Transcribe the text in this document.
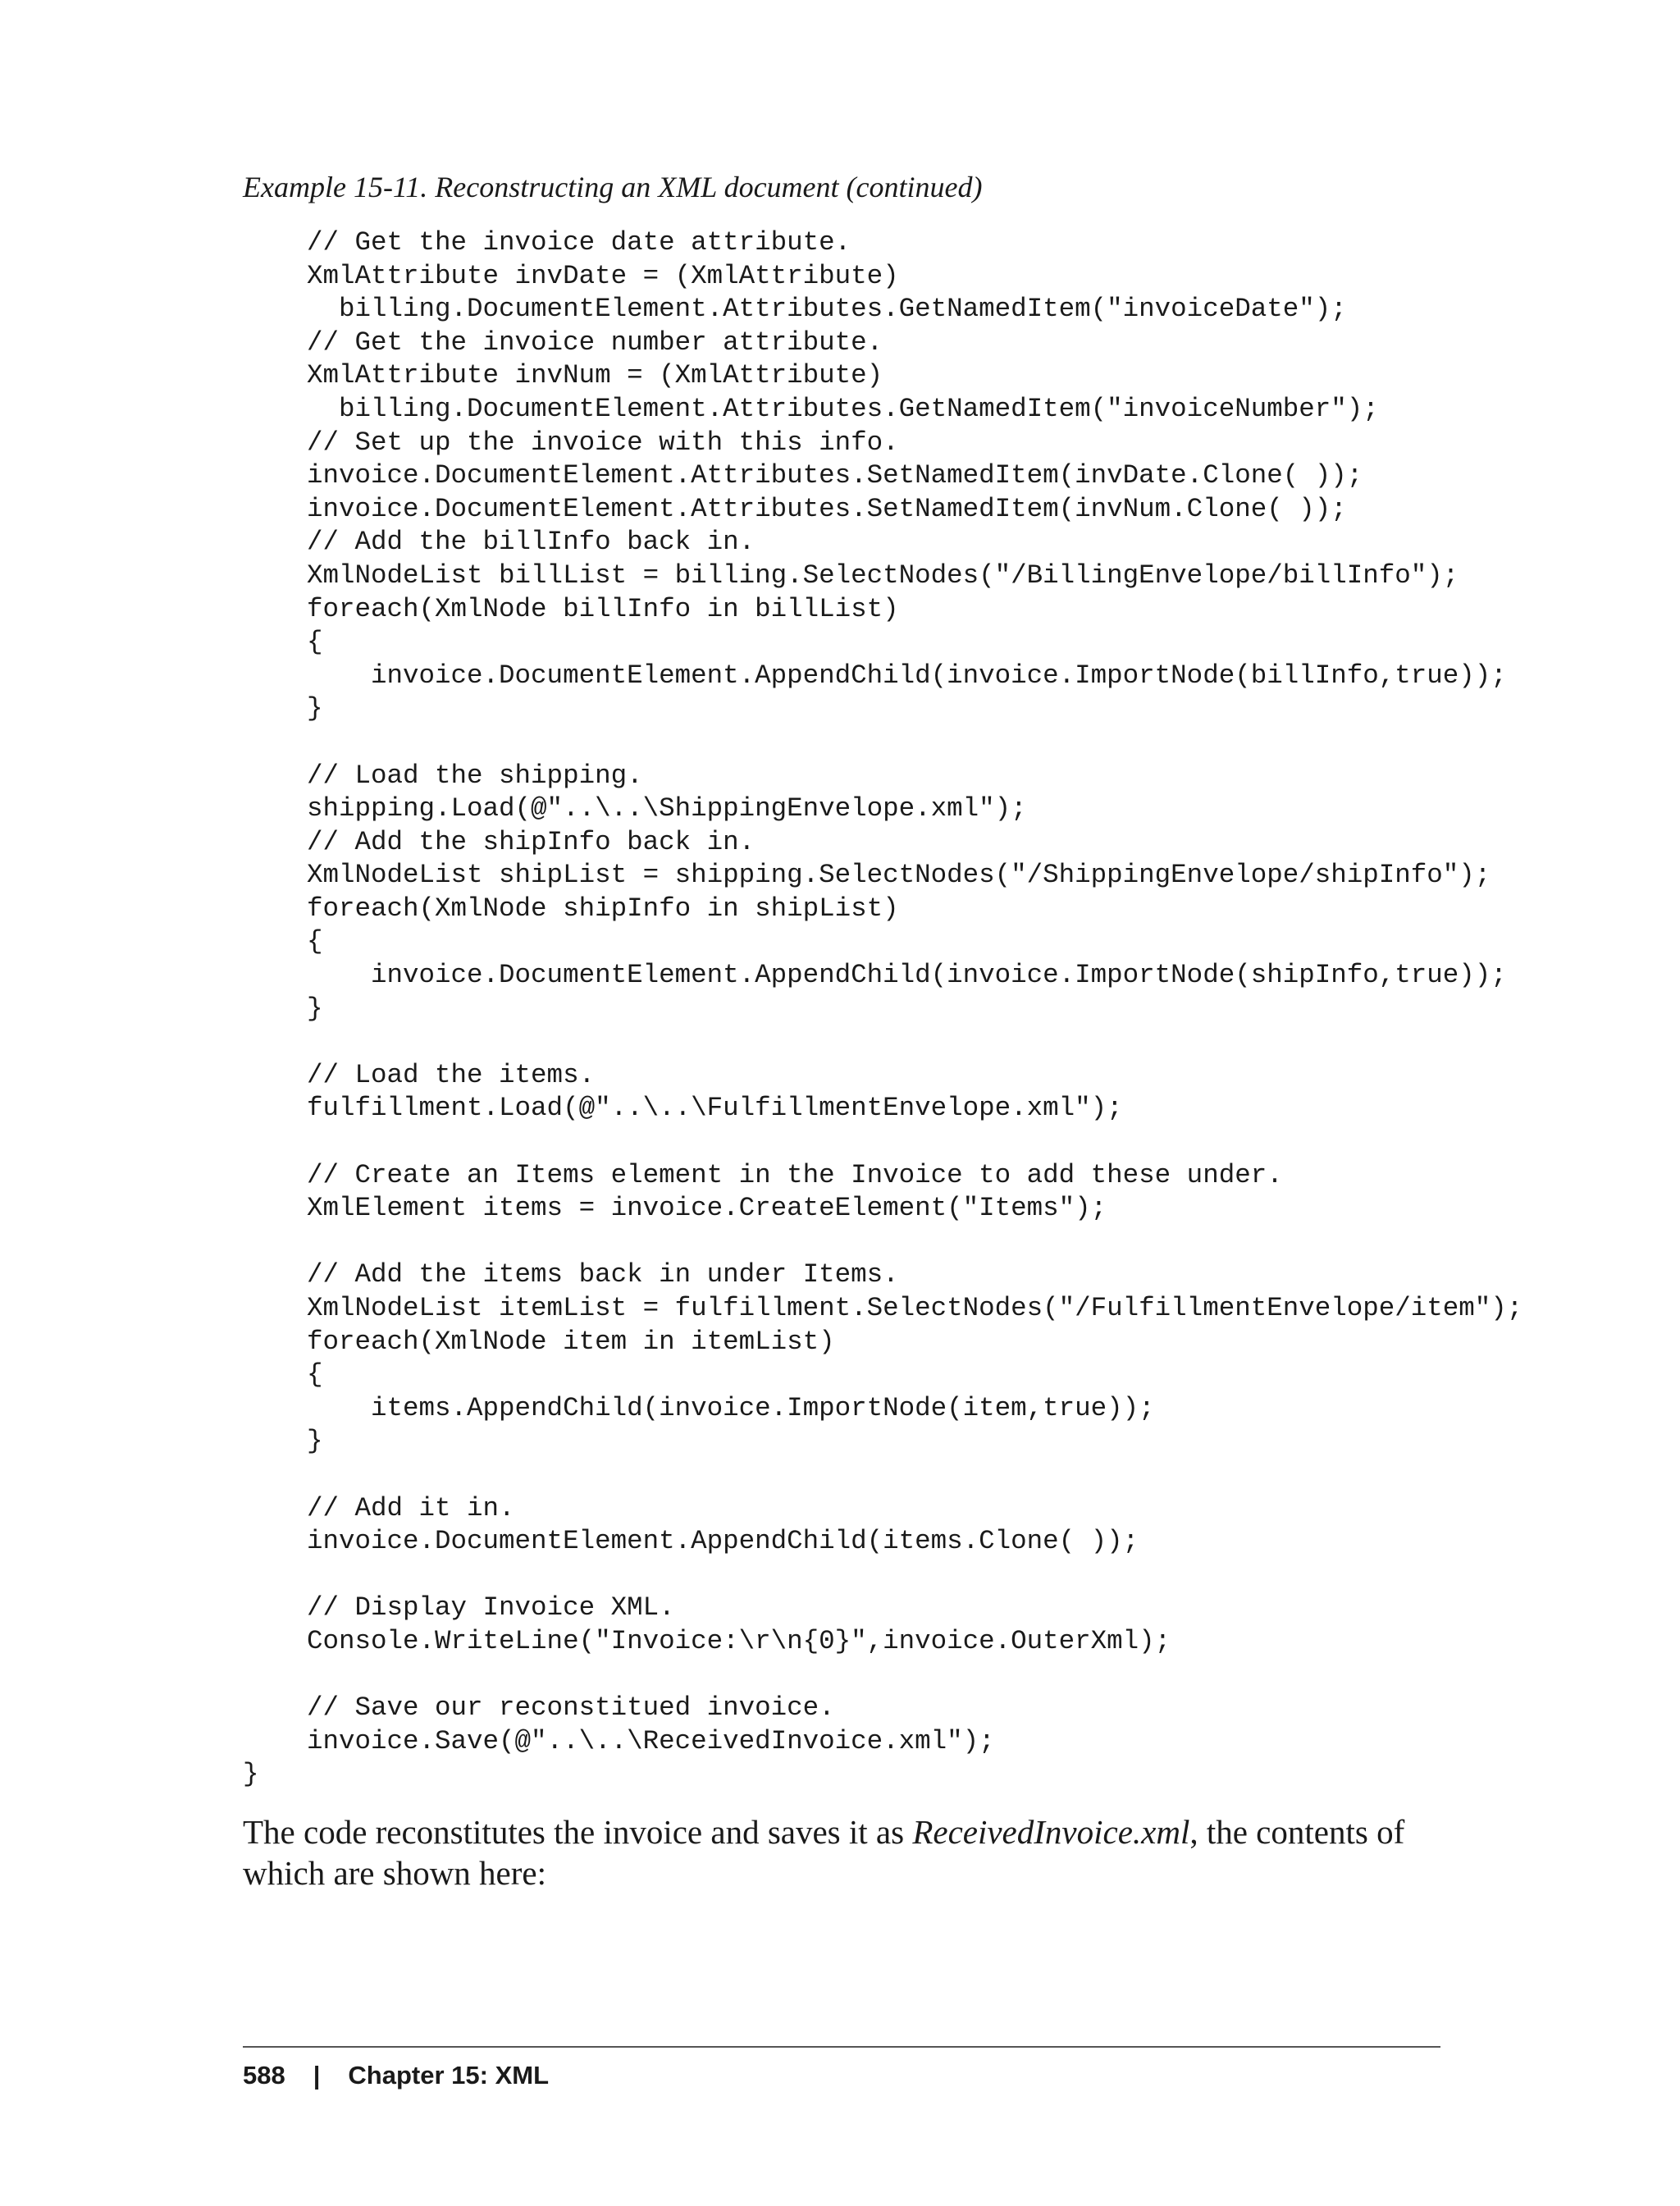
Example 15-11. Reconstructing an XML document (continued)
// Get the invoice date attribute.
XmlAttribute invDate = (XmlAttribute)
billing.DocumentElement.Attributes.GetNamedItem("invoiceDate");
// Get the invoice number attribute.
XmlAttribute invNum = (XmlAttribute)
billing.DocumentElement.Attributes.GetNamedItem("invoiceNumber");
// Set up the invoice with this info.
invoice.DocumentElement.Attributes.SetNamedItem(invDate.Clone( ));
invoice.DocumentElement.Attributes.SetNamedItem(invNum.Clone( ));
// Add the billInfo back in.
XmlNodeList billList = billing.SelectNodes("/BillingEnvelope/billInfo");
foreach(XmlNode billInfo in billList)
{
invoice.DocumentElement.AppendChild(invoice.ImportNode(billInfo,true));
}
// Load the shipping.
shipping.Load(@"..\..\ShippingEnvelope.xml");
// Add the shipInfo back in.
XmlNodeList shipList = shipping.SelectNodes("/ShippingEnvelope/shipInfo");
foreach(XmlNode shipInfo in shipList)
{
invoice.DocumentElement.AppendChild(invoice.ImportNode(shipInfo,true));
}
// Load the items.
fulfillment.Load(@"..\..\FulfillmentEnvelope.xml");
// Create an Items element in the Invoice to add these under.
XmlElement items = invoice.CreateElement("Items");
// Add the items back in under Items.
XmlNodeList itemList = fulfillment.SelectNodes("/FulfillmentEnvelope/item");
foreach(XmlNode item in itemList)
{
items.AppendChild(invoice.ImportNode(item,true));
}
// Add it in.
invoice.DocumentElement.AppendChild(items.Clone( ));
// Display Invoice XML.
Console.WriteLine("Invoice:\r\n{0}",invoice.OuterXml);
// Save our reconstitued invoice.
invoice.Save(@"..\..\ReceivedInvoice.xml");
}

The code reconstitutes the invoice and saves it as ReceivedInvoice.xml, the contents of which are shown here:

588 | Chapter 15: XML
